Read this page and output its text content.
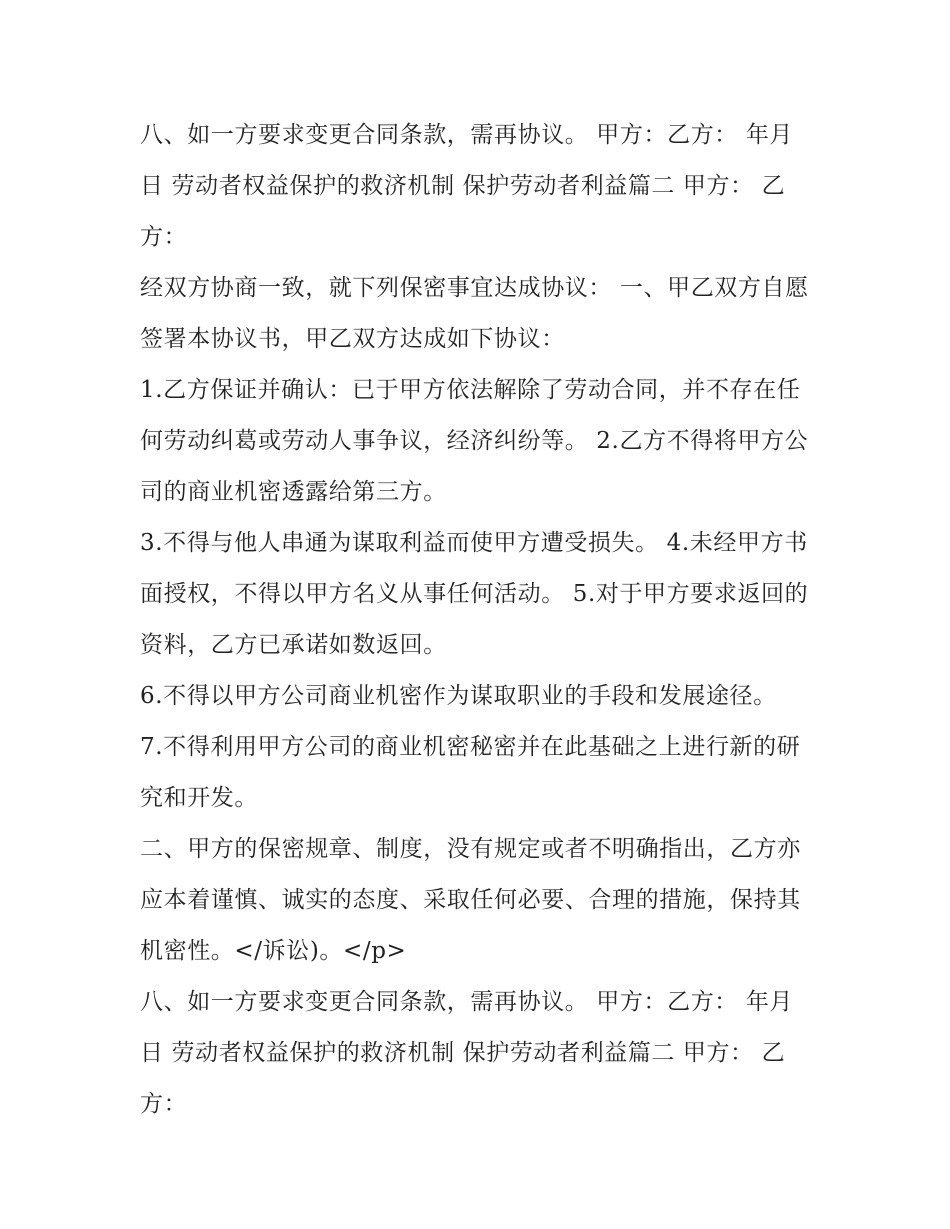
八、如一方要求变更合同条款，需再协议。 甲方：乙方： 年月 日 劳动者权益保护的救济机制 保护劳动者利益篇二 甲方： 乙方：

经双方协商一致，就下列保密事宜达成协议： 一、甲乙双方自愿签署本协议书，甲乙双方达成如下协议：

1.乙方保证并确认：已于甲方依法解除了劳动合同，并不存在任何劳动纠葛或劳动人事争议，经济纠纷等。 2.乙方不得将甲方公司的商业机密透露给第三方。

3.不得与他人串通为谋取利益而使甲方遭受损失。 4.未经甲方书面授权，不得以甲方名义从事任何活动。 5.对于甲方要求返回的资料，乙方已承诺如数返回。

6.不得以甲方公司商业机密作为谋取职业的手段和发展途径。

7.不得利用甲方公司的商业机密秘密并在此基础之上进行新的研究和开发。

二、甲方的保密规章、制度，没有规定或者不明确指出，乙方亦应本着谨慎、诚实的态度、采取任何必要、合理的措施，保持其机密性。</诉讼)。</p>

八、如一方要求变更合同条款，需再协议。 甲方：乙方： 年月 日 劳动者权益保护的救济机制 保护劳动者利益篇二 甲方： 乙方：
